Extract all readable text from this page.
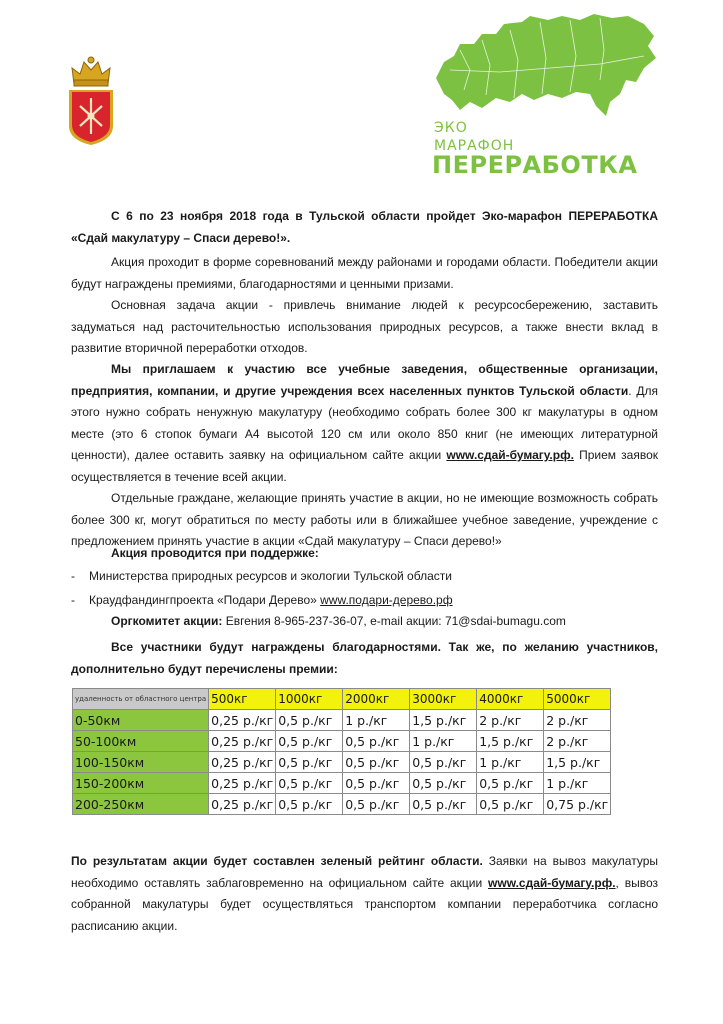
ЭКО
МАРАФОН
ПЕРЕРАБОТКА
С 6 по 23 ноября 2018 года в Тульской области пройдет Эко-марафон ПЕРЕРАБОТКА «Сдай макулатуру – Спаси дерево!».
Акция проходит в форме соревнований между районами и городами области. Победители акции будут награждены премиями, благодарностями и ценными призами.
Основная задача акции - привлечь внимание людей к ресурсосбережению, заставить задуматься над расточительностью использования природных ресурсов, а также внести вклад в развитие вторичной переработки отходов.
Мы приглашаем к участию все учебные заведения, общественные организации, предприятия, компании, и другие учреждения всех населенных пунктов Тульской области. Для этого нужно собрать ненужную макулатуру (необходимо собрать более 300 кг макулатуры в одном месте (это 6 стопок бумаги А4 высотой 120 см или около 850 книг (не имеющих литературной ценности), далее оставить заявку на официальном сайте акции www.сдай-бумагу.рф. Прием заявок осуществляется в течение всей акции.
Отдельные граждане, желающие принять участие в акции, но не имеющие возможность собрать более 300 кг, могут обратиться по месту работы или в ближайшее учебное заведение, учреждение с предложением принять участие в акции «Сдай макулатуру – Спаси дерево!»
Акция проводится при поддержке:
- Министерства природных ресурсов и экологии Тульской области
- Краудфандингпроекта «Подари Дерево» www.подари-дерево.рф
Оргкомитет акции: Евгения 8-965-237-36-07, e-mail акции: 71@sdai-bumagu.com
Все участники будут награждены благодарностями. Так же, по желанию участников, дополнительно будут перечислены премии:
удаленность от областного центра	500кг	1000кг	2000кг	3000кг	4000кг	5000кг
0-50км	0,25 р./кг	0,5 р./кг	1 р./кг	1,5 р./кг	2 р./кг	2 р./кг
50-100км	0,25 р./кг	0,5 р./кг	0,5 р./кг	1 р./кг	1,5 р./кг	2 р./кг
100-150км	0,25 р./кг	0,5 р./кг	0,5 р./кг	0,5 р./кг	1 р./кг	1,5 р./кг
150-200км	0,25 р./кг	0,5 р./кг	0,5 р./кг	0,5 р./кг	0,5 р./кг	1 р./кг
200-250км	0,25 р./кг	0,5 р./кг	0,5 р./кг	0,5 р./кг	0,5 р./кг	0,75 р./кг
По результатам акции будет составлен зеленый рейтинг области. Заявки на вывоз макулатуры необходимо оставлять заблаговременно на официальном сайте акции www.сдай-бумагу.рф., вывоз собранной макулатуры будет осуществляться транспортом компании переработчика согласно расписанию акции.
